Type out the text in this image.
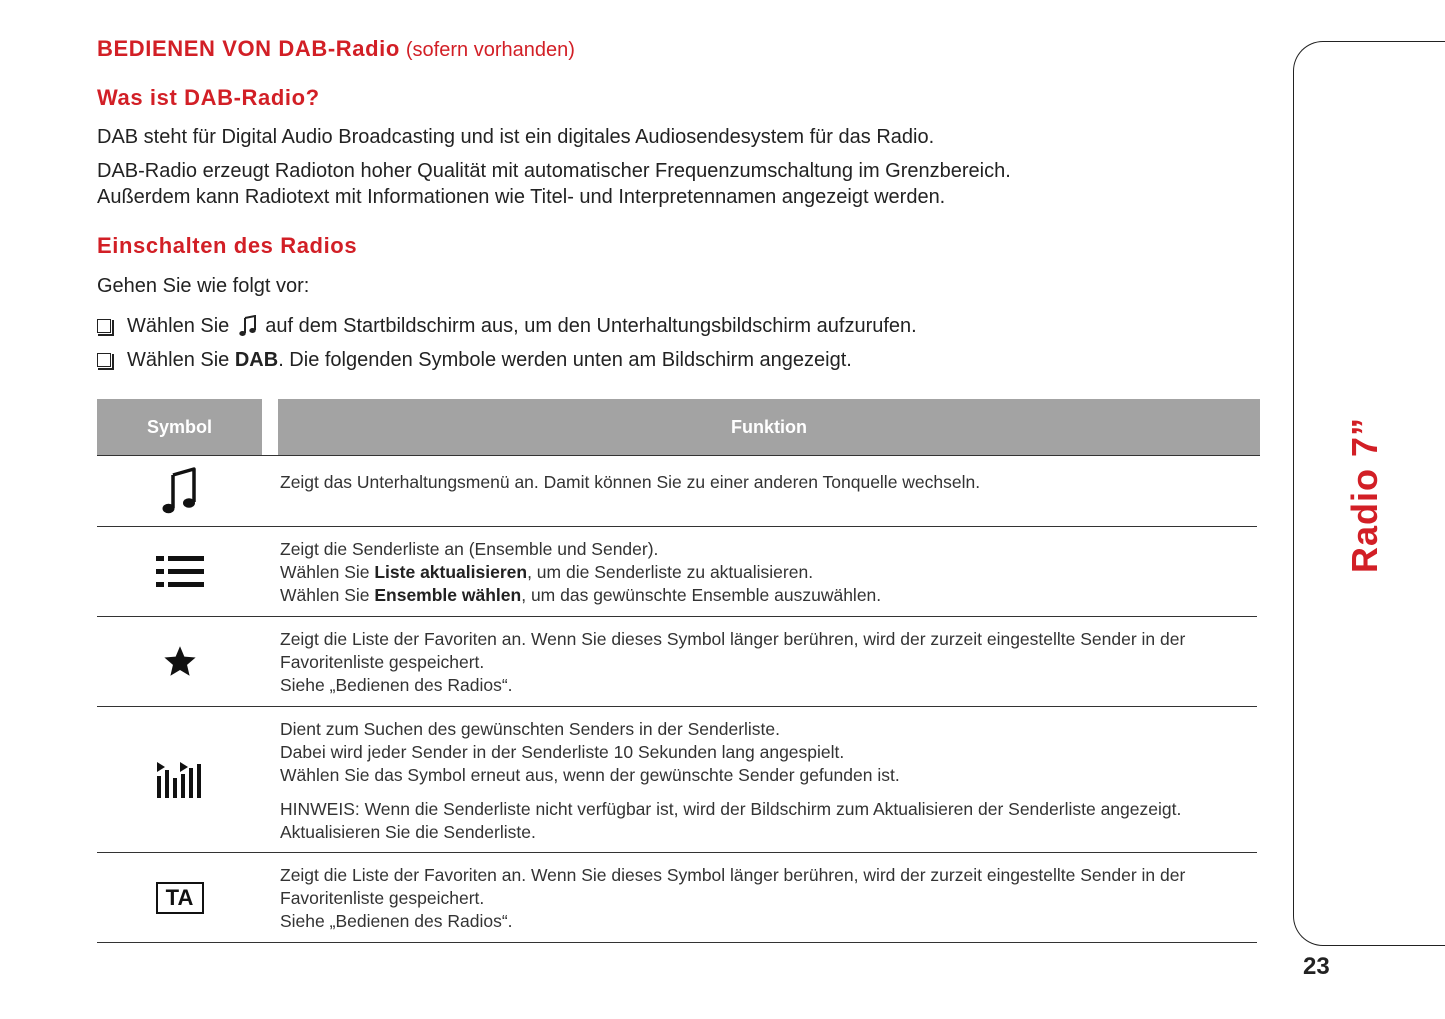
BEDIENEN VON DAB-Radio (sofern vorhanden)
Was ist DAB-Radio?
DAB steht für Digital Audio Broadcasting und ist ein digitales Audiosendesystem für das Radio.
DAB-Radio erzeugt Radioton hoher Qualität mit automatischer Frequenzumschaltung im Grenzbereich.
Außerdem kann Radiotext mit Informationen wie Titel- und Interpretennamen angezeigt werden.
Einschalten des Radios
Gehen Sie wie folgt vor:
Wählen Sie auf dem Startbildschirm aus, um den Unterhaltungsbildschirm aufzurufen.
Wählen Sie DAB. Die folgenden Symbole werden unten am Bildschirm angezeigt.
Symbol	Funktion
Zeigt das Unterhaltungsmenü an. Damit können Sie zu einer anderen Tonquelle wechseln.
Zeigt die Senderliste an (Ensemble und Sender).
Wählen Sie Liste aktualisieren, um die Senderliste zu aktualisieren.
Wählen Sie Ensemble wählen, um das gewünschte Ensemble auszuwählen.
Zeigt die Liste der Favoriten an. Wenn Sie dieses Symbol länger berühren, wird der zurzeit eingestellte Sender in der
Favoritenliste gespeichert.
Siehe „Bedienen des Radios“.
Dient zum Suchen des gewünschten Senders in der Senderliste.
Dabei wird jeder Sender in der Senderliste 10 Sekunden lang angespielt.
Wählen Sie das Symbol erneut aus, wenn der gewünschte Sender gefunden ist.
HINWEIS: Wenn die Senderliste nicht verfügbar ist, wird der Bildschirm zum Aktualisieren der Senderliste angezeigt.
Aktualisieren Sie die Senderliste.
TA
Zeigt die Liste der Favoriten an. Wenn Sie dieses Symbol länger berühren, wird der zurzeit eingestellte Sender in der
Favoritenliste gespeichert.
Siehe „Bedienen des Radios“.
Radio 7”
23
